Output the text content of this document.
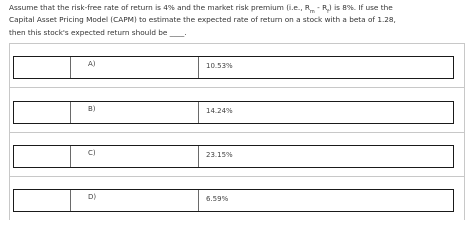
Assume that the risk-free rate of return is 4% and the market risk premium (i.e., $R_m - R_f$) is 8%. If use the
Capital Asset Pricing Model (CAPM) to estimate the expected rate of return on a stock with a beta of 1.28,
then this stock's expected return should be ____.
A)	10.53%
B)	14.24%
C)	23.15%
D)	6.59%
